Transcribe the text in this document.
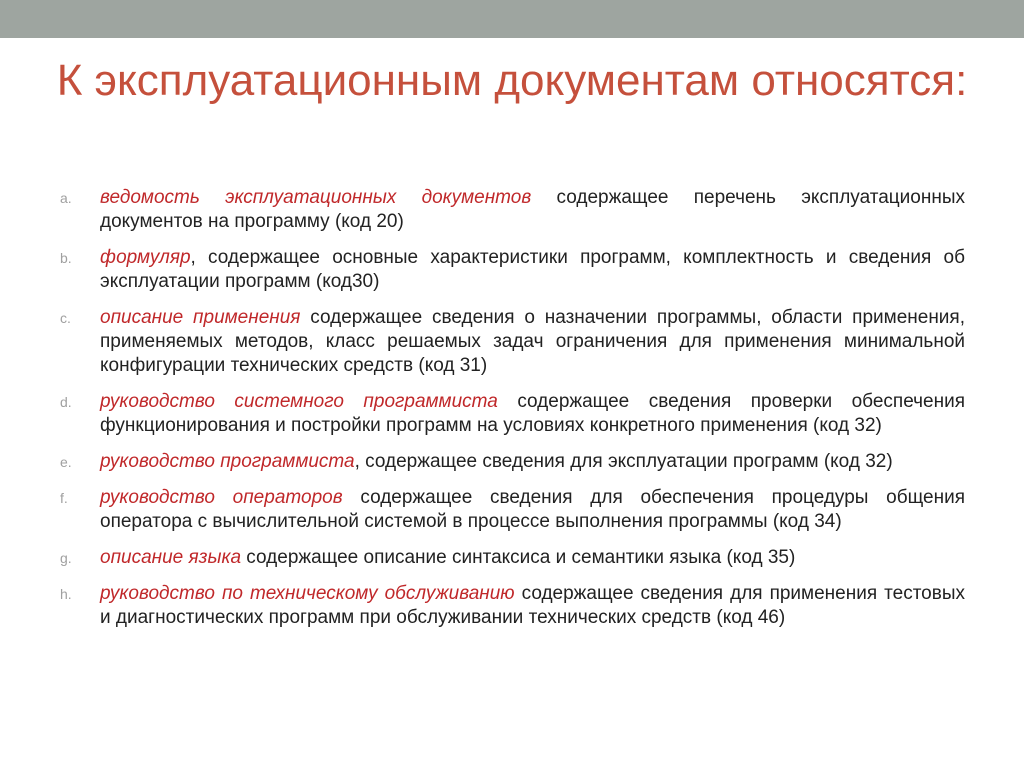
К эксплуатационным документам относятся:
a. ведомость эксплуатационных документов содержащее перечень эксплуатационных документов на программу (код 20)
b. формуляр, содержащее основные характеристики программ, комплектность и сведения об эксплуатации программ (код30)
c. описание применения содержащее сведения о назначении программы, области применения, применяемых методов, класс решаемых задач ограничения для применения минимальной конфигурации технических средств (код 31)
d. руководство системного программиста содержащее сведения проверки обеспечения функционирования и постройки программ на условиях конкретного применения (код 32)
e. руководство программиста, содержащее сведения для эксплуатации программ (код 32)
f. руководство операторов содержащее сведения для обеспечения процедуры общения оператора с вычислительной системой в процессе выполнения программы (код 34)
g. описание языка содержащее описание синтаксиса и семантики языка (код 35)
h. руководство по техническому обслуживанию содержащее сведения для применения тестовых и диагностических программ при обслуживании технических средств (код 46)
